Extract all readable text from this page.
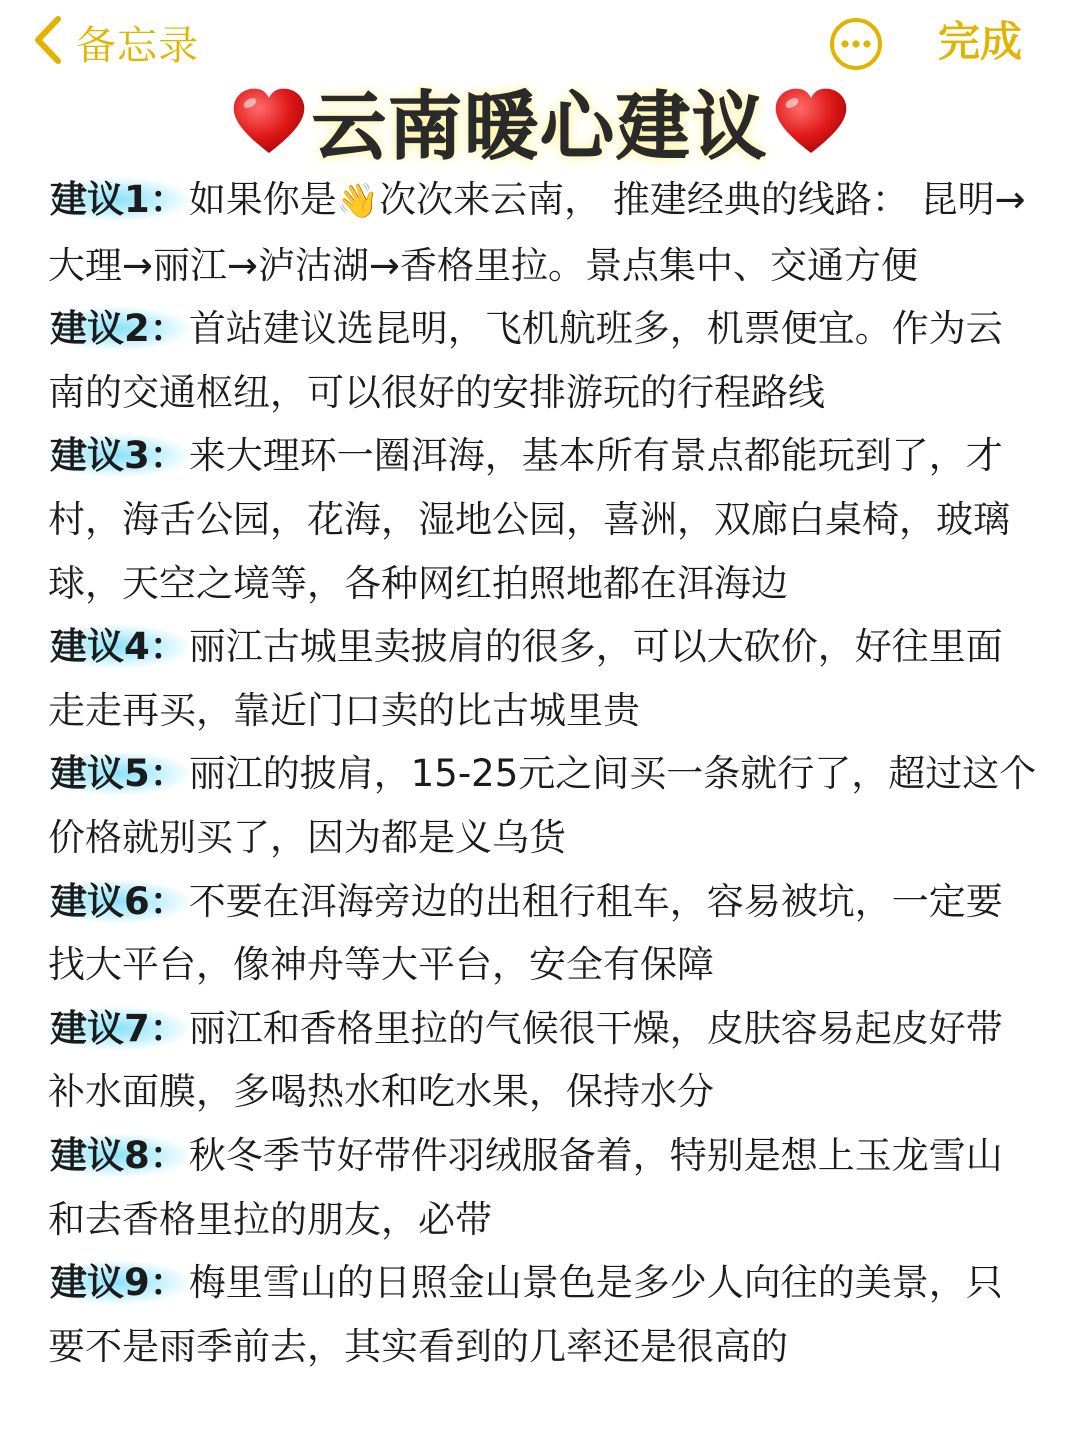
备忘录	完成
云南暖心建议

建议1：如果你是👋次次来云南， 推建经典的线路： 昆明→大理→丽江→泸沽湖→香格里拉。景点集中、交通方便

建议2：首站建议选昆明，飞机航班多，机票便宜。作为云南的交通枢纽，可以很好的安排游玩的行程路线

建议3：来大理环一圈洱海，基本所有景点都能玩到了，才村，海舌公园，花海，湿地公园，喜洲，双廊白桌椅，玻璃球，天空之境等，各种网红拍照地都在洱海边

建议4：丽江古城里卖披肩的很多，可以大砍价，好往里面走走再买，靠近门口卖的比古城里贵

建议5：丽江的披肩，15-25元之间买一条就行了，超过这个价格就别买了，因为都是义乌货

建议6：不要在洱海旁边的出租行租车，容易被坑，一定要找大平台，像神舟等大平台，安全有保障

建议7：丽江和香格里拉的气候很干燥，皮肤容易起皮好带补水面膜，多喝热水和吃水果，保持水分

建议8：秋冬季节好带件羽绒服备着，特别是想上玉龙雪山和去香格里拉的朋友，必带

建议9：梅里雪山的日照金山景色是多少人向往的美景，只要不是雨季前去，其实看到的几率还是很高的
